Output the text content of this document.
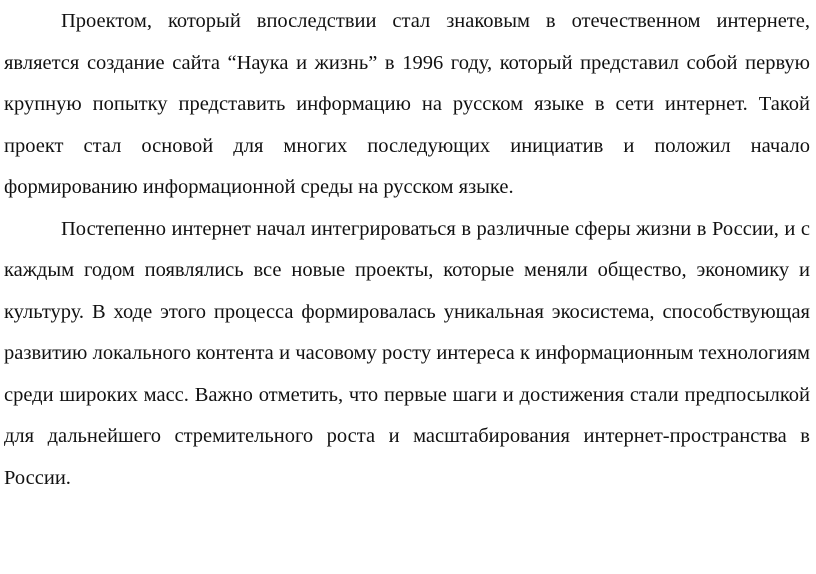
Проектом, который впоследствии стал знаковым в отечественном интернете, является создание сайта “Наука и жизнь” в 1996 году, который представил собой первую крупную попытку представить информацию на русском языке в сети интернет. Такой проект стал основой для многих последующих инициатив и положил начало формированию информационной среды на русском языке.

Постепенно интернет начал интегрироваться в различные сферы жизни в России, и с каждым годом появлялись все новые проекты, которые меняли общество, экономику и культуру. В ходе этого процесса формировалась уникальная экосистема, способствующая развитию локального контента и часовому росту интереса к информационным технологиям среди широких масс. Важно отметить, что первые шаги и достижения стали предпосылкой для дальнейшего стремительного роста и масштабирования интернет-пространства в России.
